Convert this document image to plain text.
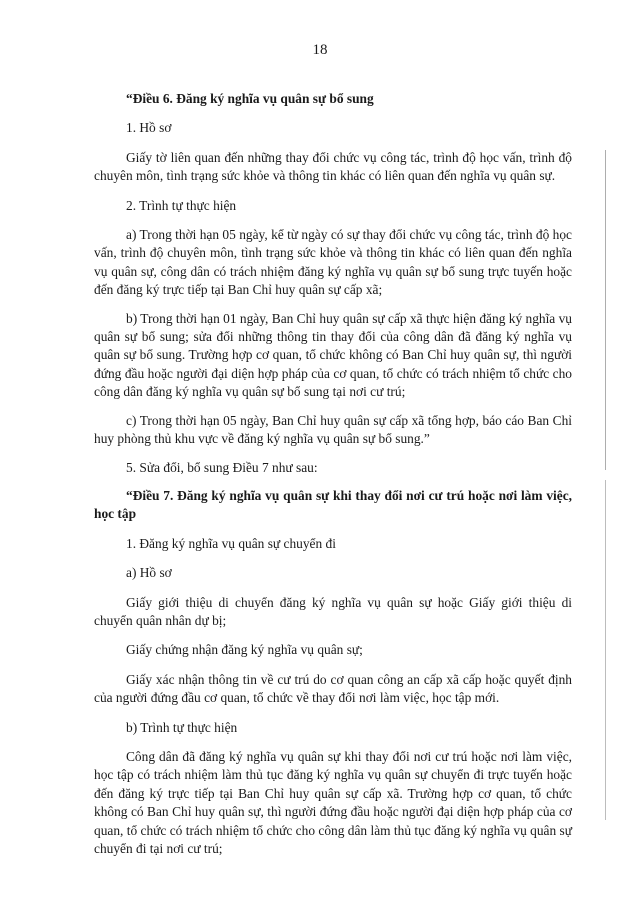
18

“Điều 6. Đăng ký nghĩa vụ quân sự bổ sung

1. Hồ sơ

Giấy tờ liên quan đến những thay đổi chức vụ công tác, trình độ học vấn, trình độ chuyên môn, tình trạng sức khỏe và thông tin khác có liên quan đến nghĩa vụ quân sự.

2. Trình tự thực hiện

a) Trong thời hạn 05 ngày, kể từ ngày có sự thay đổi chức vụ công tác, trình độ học vấn, trình độ chuyên môn, tình trạng sức khỏe và thông tin khác có liên quan đến nghĩa vụ quân sự, công dân có trách nhiệm đăng ký nghĩa vụ quân sự bổ sung trực tuyến hoặc đến đăng ký trực tiếp tại Ban Chỉ huy quân sự cấp xã;

b) Trong thời hạn 01 ngày, Ban Chỉ huy quân sự cấp xã thực hiện đăng ký nghĩa vụ quân sự bổ sung; sửa đổi những thông tin thay đổi của công dân đã đăng ký nghĩa vụ quân sự bổ sung. Trường hợp cơ quan, tổ chức không có Ban Chỉ huy quân sự, thì người đứng đầu hoặc người đại diện hợp pháp của cơ quan, tổ chức có trách nhiệm tổ chức cho công dân đăng ký nghĩa vụ quân sự bổ sung tại nơi cư trú;

c) Trong thời hạn 05 ngày, Ban Chỉ huy quân sự cấp xã tổng hợp, báo cáo Ban Chỉ huy phòng thủ khu vực về đăng ký nghĩa vụ quân sự bổ sung.”

5. Sửa đổi, bổ sung Điều 7 như sau:

“Điều 7. Đăng ký nghĩa vụ quân sự khi thay đổi nơi cư trú hoặc nơi làm việc, học tập

1. Đăng ký nghĩa vụ quân sự chuyển đi

a) Hồ sơ

Giấy giới thiệu di chuyển đăng ký nghĩa vụ quân sự hoặc Giấy giới thiệu di chuyển quân nhân dự bị;

Giấy chứng nhận đăng ký nghĩa vụ quân sự;

Giấy xác nhận thông tin về cư trú do cơ quan công an cấp xã cấp hoặc quyết định của người đứng đầu cơ quan, tổ chức về thay đổi nơi làm việc, học tập mới.

b) Trình tự thực hiện

Công dân đã đăng ký nghĩa vụ quân sự khi thay đổi nơi cư trú hoặc nơi làm việc, học tập có trách nhiệm làm thủ tục đăng ký nghĩa vụ quân sự chuyển đi trực tuyến hoặc đến đăng ký trực tiếp tại Ban Chỉ huy quân sự cấp xã. Trường hợp cơ quan, tổ chức không có Ban Chỉ huy quân sự, thì người đứng đầu hoặc người đại diện hợp pháp của cơ quan, tổ chức có trách nhiệm tổ chức cho công dân làm thủ tục đăng ký nghĩa vụ quân sự chuyển đi tại nơi cư trú;
